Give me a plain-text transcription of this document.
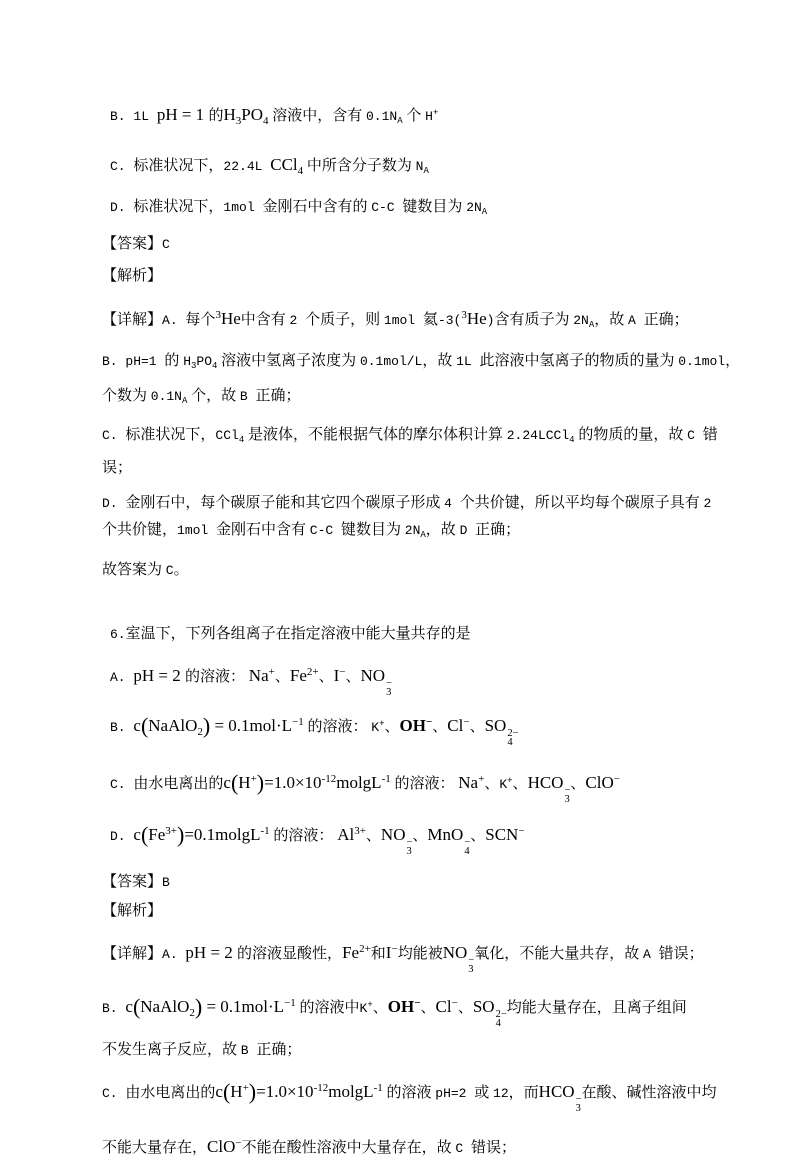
B. 1L pH = 1 的$H_3PO_4$ 溶液中，含有 $0.1N_A$ 个 H+

C. 标准状况下，22.4L CCl$_4$ 中所含分子数为 $N_A$

D. 标准状况下，1mol 金刚石中含有的 C-C 键数目为 $2N_A$

【答案】C

【解析】

【详解】A. 每个$^3$He中含有 2 个质子，则 1mol 氦-3($^3$He)含有质子为 $2N_A$，故 A 正确；

B. pH=1 的 $H_3PO_4$ 溶液中氢离子浓度为 0.1mol/L，故 1L 此溶液中氢离子的物质的量为 0.1mol，

个数为 $0.1N_A$ 个，故 B 正确；

C. 标准状况下，CCl$_4$ 是液体，不能根据气体的摩尔体积计算 2.24LCCl$_4$ 的物质的量，故 C 错

误；

D. 金刚石中，每个碳原子能和其它四个碳原子形成 4 个共价键，所以平均每个碳原子具有 2

个共价键，1mol 金刚石中含有 C-C 键数目为 $2N_A$，故 D 正确；

故答案为 C。

6.室温下，下列各组离子在指定溶液中能大量共存的是

A. pH = 2 的溶液： Na+、$Fe^{2+}$、I−、NO −
3

B. c(NaAlO$_2$) = $0.1mol\cdot L^{-1}$ 的溶液： K+、OH−、Cl−、SO 2−
4

C. 由水电离出的$c(H^+)=1.0\times 10^{-12}molgL^{-1}$ 的溶液： Na+、K+、HCO −
3
、ClO−

D. $c(Fe^{3+})=0.1molgL^{-1}$ 的溶液： $Al^{3+}$、NO −
3
、MnO −
4
、SCN−

【答案】B

【解析】

【详解】A. pH = 2 的溶液显酸性，$Fe^{2+}$和I−均能被NO −
3
氧化，不能大量共存，故 A 错误；

B. c(NaAlO$_2$) = $0.1mol\cdot L^{-1}$ 的溶液中K+、OH−、Cl−、SO 2−
4
均能大量存在，且离子组间

不发生离子反应，故 B 正确；

C. 由水电离出的$c(H^+)=1.0\times 10^{-12}molgL^{-1}$ 的溶液 pH=2 或 12，而HCO −
3
在酸、碱性溶液中均

不能大量存在，ClO−不能在酸性溶液中大量存在，故 C 错误；
